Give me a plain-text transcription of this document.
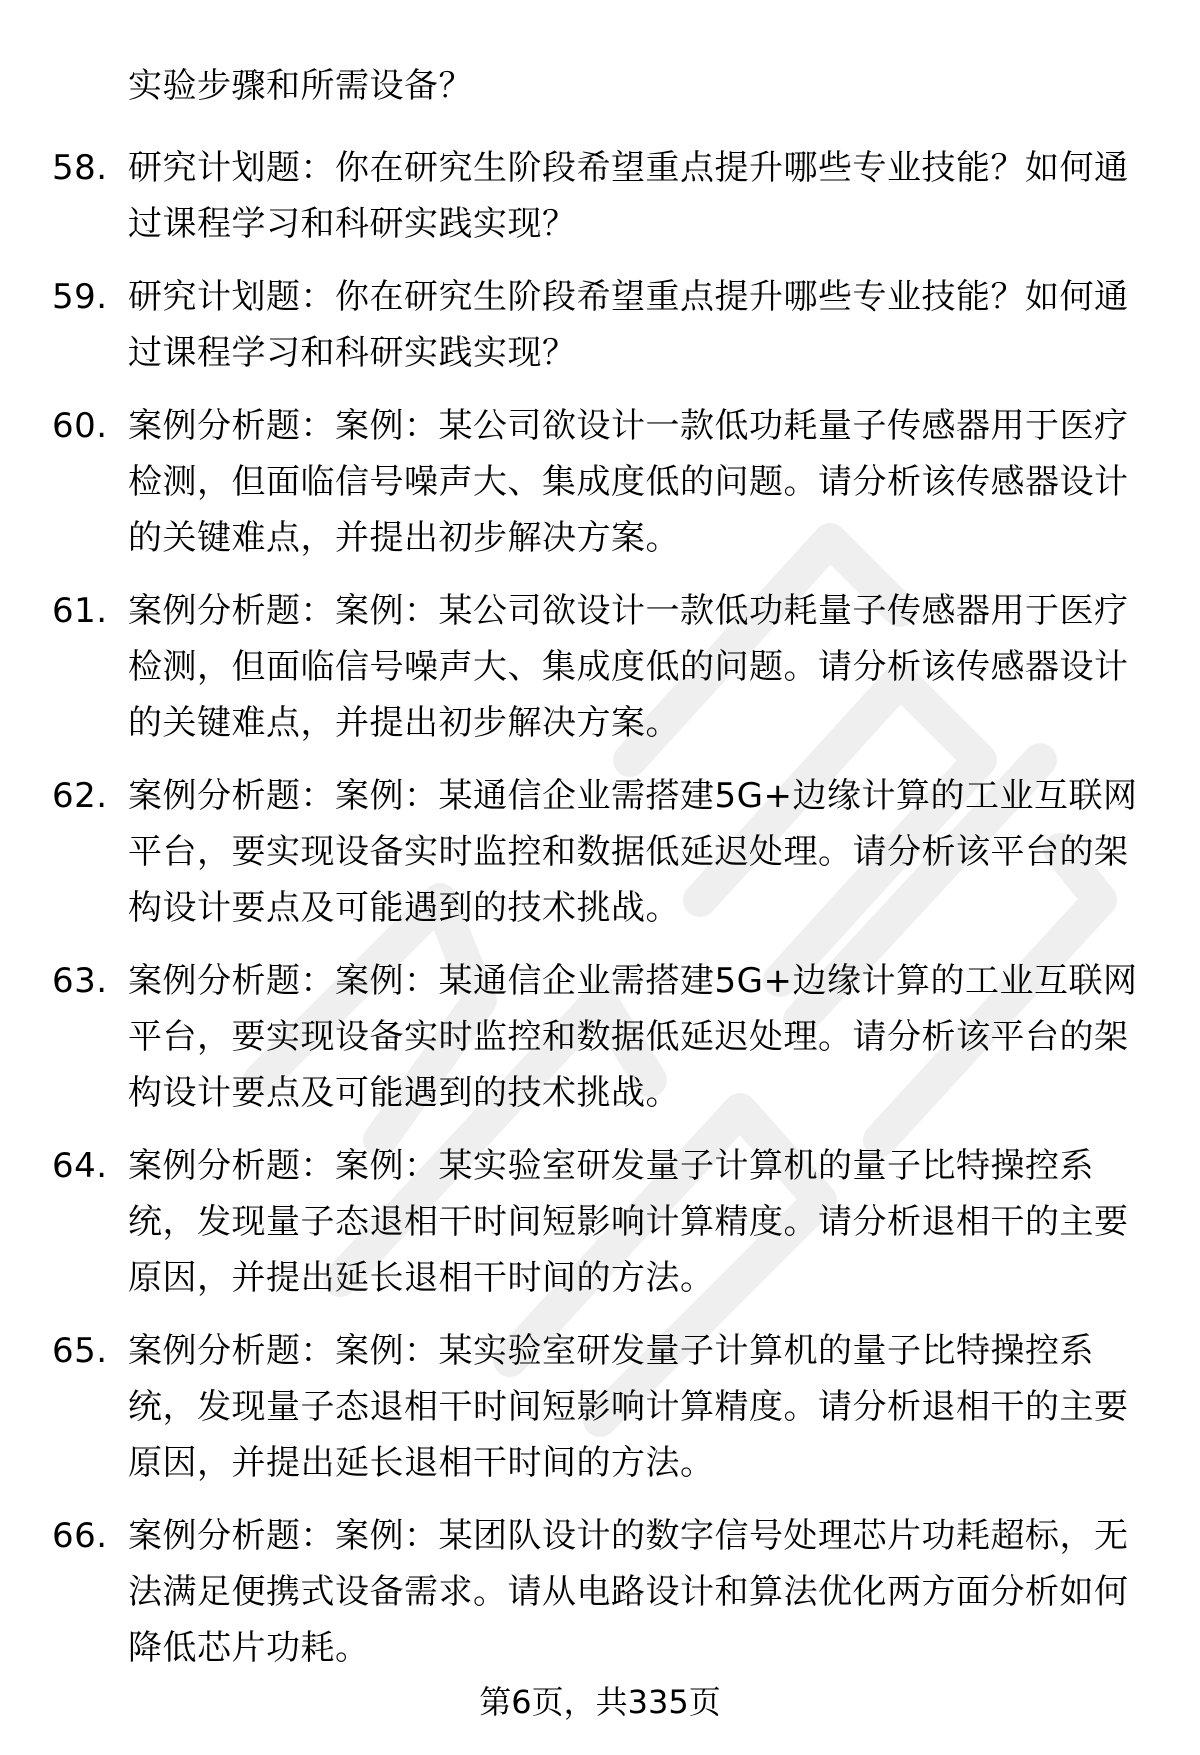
实验步骤和所需设备？
58. 研究计划题：你在研究生阶段希望重点提升哪些专业技能？如何通过课程学习和科研实践实现？
59. 研究计划题：你在研究生阶段希望重点提升哪些专业技能？如何通过课程学习和科研实践实现？
60. 案例分析题：案例：某公司欲设计一款低功耗量子传感器用于医疗检测，但面临信号噪声大、集成度低的问题。请分析该传感器设计的关键难点，并提出初步解决方案。
61. 案例分析题：案例：某公司欲设计一款低功耗量子传感器用于医疗检测，但面临信号噪声大、集成度低的问题。请分析该传感器设计的关键难点，并提出初步解决方案。
62. 案例分析题：案例：某通信企业需搭建5G+边缘计算的工业互联网平台，要实现设备实时监控和数据低延迟处理。请分析该平台的架构设计要点及可能遇到的技术挑战。
63. 案例分析题：案例：某通信企业需搭建5G+边缘计算的工业互联网平台，要实现设备实时监控和数据低延迟处理。请分析该平台的架构设计要点及可能遇到的技术挑战。
64. 案例分析题：案例：某实验室研发量子计算机的量子比特操控系统，发现量子态退相干时间短影响计算精度。请分析退相干的主要原因，并提出延长退相干时间的方法。
65. 案例分析题：案例：某实验室研发量子计算机的量子比特操控系统，发现量子态退相干时间短影响计算精度。请分析退相干的主要原因，并提出延长退相干时间的方法。
66. 案例分析题：案例：某团队设计的数字信号处理芯片功耗超标，无法满足便携式设备需求。请从电路设计和算法优化两方面分析如何降低芯片功耗。
第6页，共335页
